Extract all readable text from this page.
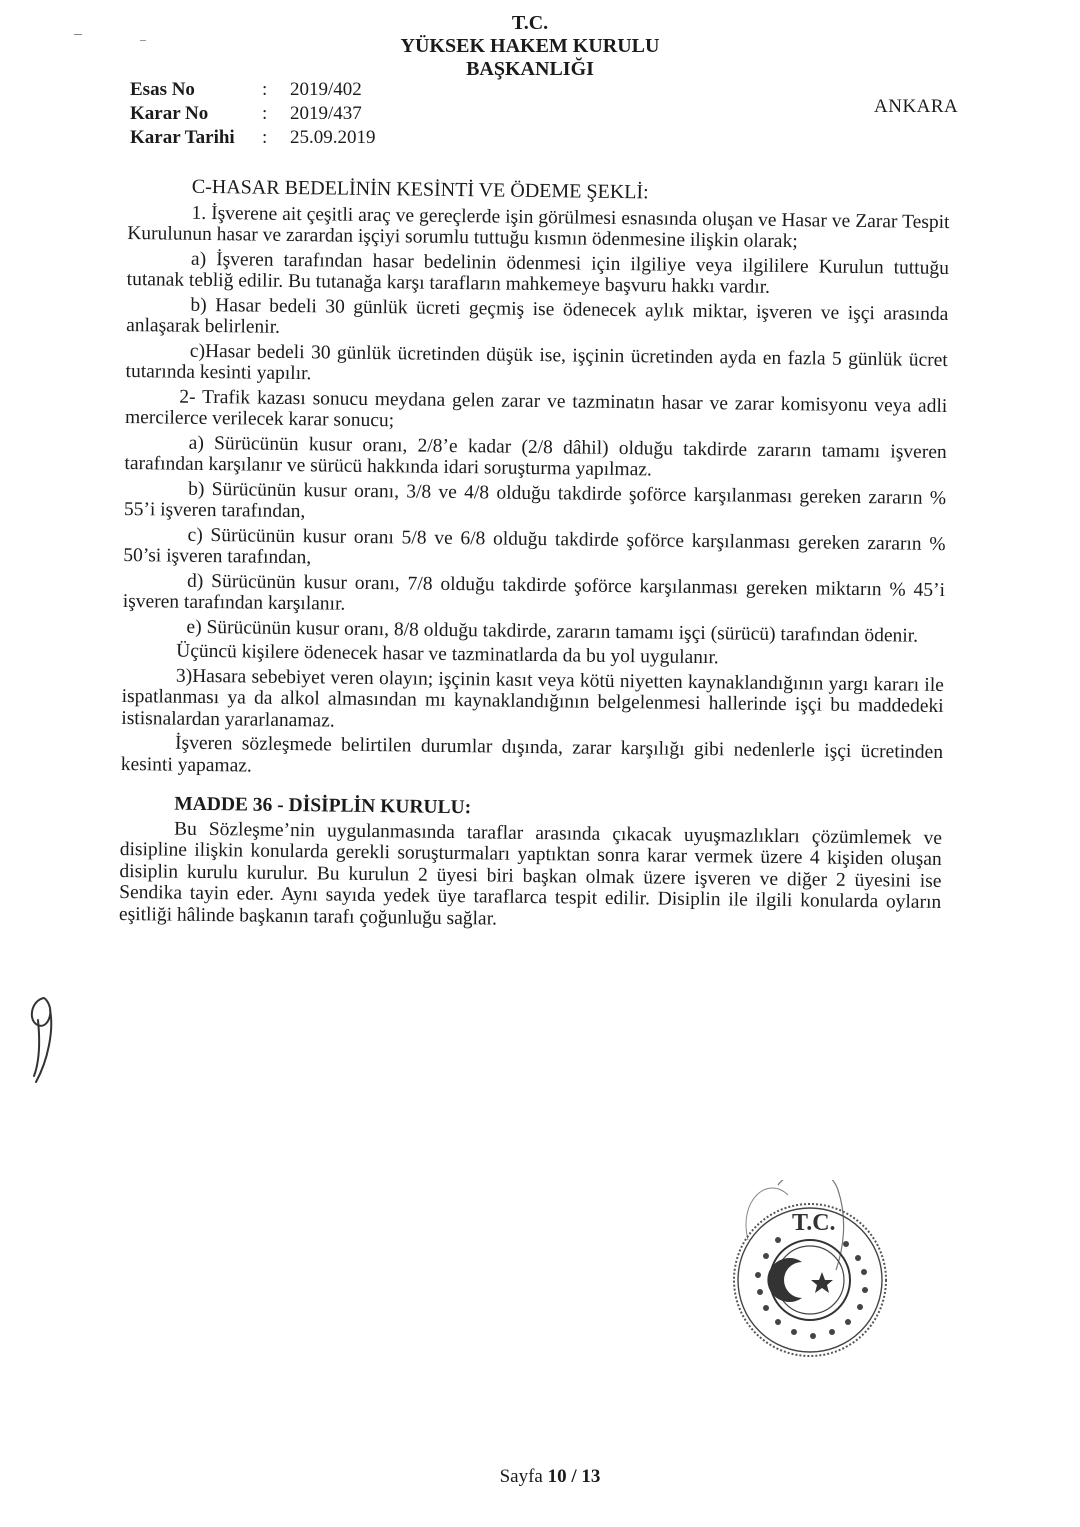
T.C.
YÜKSEK HAKEM KURULU
BAŞKANLIĞI
Esas No	:	2019/402
Karar No	:	2019/437
Karar Tarihi	:	25.09.2019
ANKARA

C-HASAR BEDELİNİN KESİNTİ VE ÖDEME ŞEKLİ:

1. İşverene ait çeşitli araç ve gereçlerde işin görülmesi esnasında oluşan ve Hasar ve Zarar Tespit Kurulunun hasar ve zarardan işçiyi sorumlu tuttuğu kısmın ödenmesine ilişkin olarak;

a) İşveren tarafından hasar bedelinin ödenmesi için ilgiliye veya ilgililere Kurulun tuttuğu tutanak tebliğ edilir. Bu tutanağa karşı tarafların mahkemeye başvuru hakkı vardır.

b) Hasar bedeli 30 günlük ücreti geçmiş ise ödenecek aylık miktar, işveren ve işçi arasında anlaşarak belirlenir.

c)Hasar bedeli 30 günlük ücretinden düşük ise, işçinin ücretinden ayda en fazla 5 günlük ücret tutarında kesinti yapılır.

2- Trafik kazası sonucu meydana gelen zarar ve tazminatın hasar ve zarar komisyonu veya adli mercilerce verilecek karar sonucu;

a) Sürücünün kusur oranı, 2/8’e kadar (2/8 dâhil) olduğu takdirde zararın tamamı işveren tarafından karşılanır ve sürücü hakkında idari soruşturma yapılmaz.

b) Sürücünün kusur oranı, 3/8 ve 4/8 olduğu takdirde şoförce karşılanması gereken zararın % 55’i işveren tarafından,

c) Sürücünün kusur oranı 5/8 ve 6/8 olduğu takdirde şoförce karşılanması gereken zararın % 50’si işveren tarafından,

d) Sürücünün kusur oranı, 7/8 olduğu takdirde şoförce karşılanması gereken miktarın % 45’i işveren tarafından karşılanır.

e) Sürücünün kusur oranı, 8/8 olduğu takdirde, zararın tamamı işçi (sürücü) tarafından ödenir.

Üçüncü kişilere ödenecek hasar ve tazminatlarda da bu yol uygulanır.

3)Hasara sebebiyet veren olayın; işçinin kasıt veya kötü niyetten kaynaklandığının yargı kararı ile ispatlanması ya da alkol almasından mı kaynaklandığının belgelenmesi hallerinde işçi bu maddedeki istisnalardan yararlanamaz.

İşveren sözleşmede belirtilen durumlar dışında, zarar karşılığı gibi nedenlerle işçi ücretinden kesinti yapamaz.

MADDE 36 - DİSİPLİN KURULU:

Bu Sözleşme’nin uygulanmasında taraflar arasında çıkacak uyuşmazlıkları çözümlemek ve disipline ilişkin konularda gerekli soruşturmaları yaptıktan sonra karar vermek üzere 4 kişiden oluşan disiplin kurulu kurulur. Bu kurulun 2 üyesi biri başkan olmak üzere işveren ve diğer 2 üyesini ise Sendika tayin eder. Aynı sayıda yedek üye taraflarca tespit edilir. Disiplin ile ilgili konularda oyların eşitliği hâlinde başkanın tarafı çoğunluğu sağlar.

T.C.
Sayfa 10 / 13
